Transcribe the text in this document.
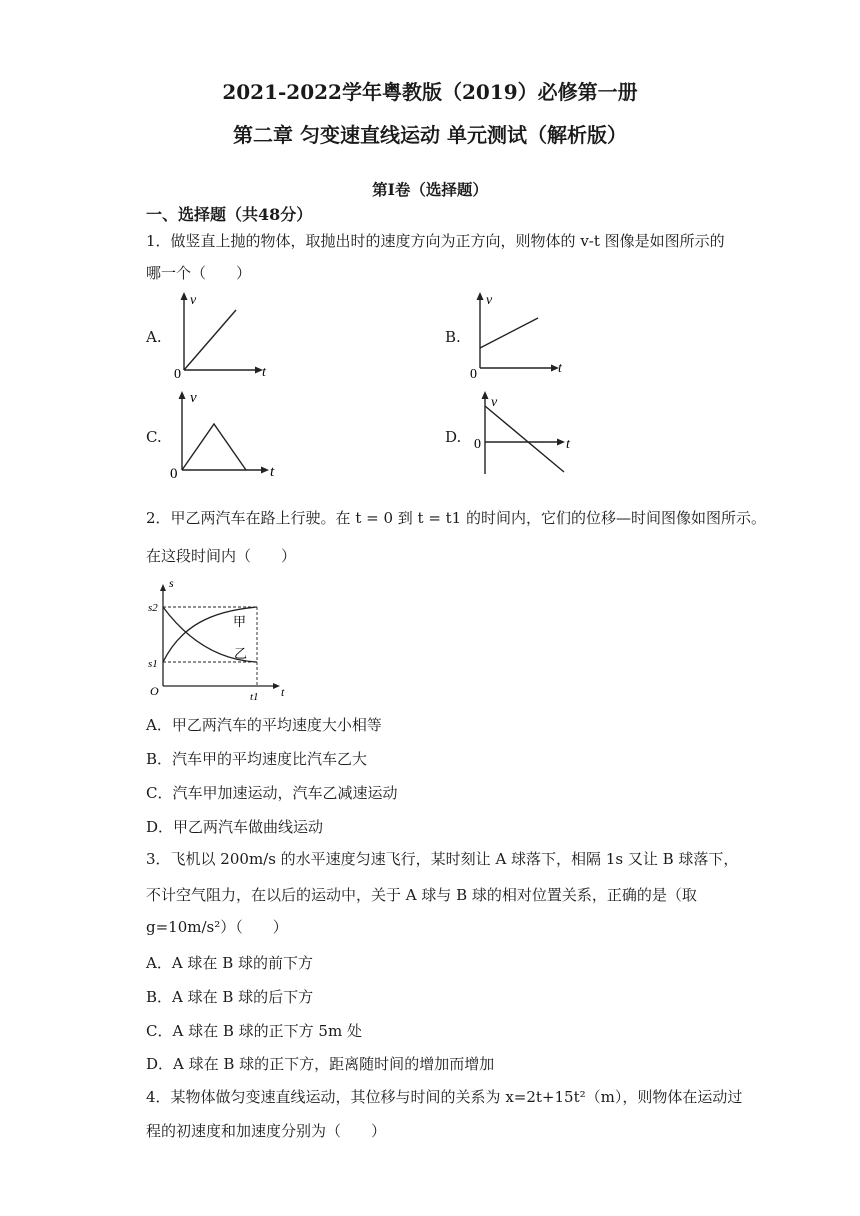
2021-2022学年粤教版（2019）必修第一册
第二章 匀变速直线运动 单元测试（解析版）
第Ⅰ卷（选择题）
一、选择题（共48分）
1．做竖直上抛的物体，取抛出时的速度方向为正方向，则物体的 v-t 图像是如图所示的
哪一个（　　）
A.
v
0	t
B.
v
0	t
C.
v
0	t
D.
v
0	t
2．甲乙两汽车在路上行驶。在 t = 0 到 t = t1 的时间内，它们的位移—时间图像如图所示。
在这段时间内（　　）
s
s2
s1
O	t
t1
甲
乙
A．甲乙两汽车的平均速度大小相等
B．汽车甲的平均速度比汽车乙大
C．汽车甲加速运动，汽车乙减速运动
D．甲乙两汽车做曲线运动
3．飞机以 200m/s 的水平速度匀速飞行，某时刻让 A 球落下，相隔 1s 又让 B 球落下，
不计空气阻力，在以后的运动中，关于 A 球与 B 球的相对位置关系，正确的是（取
g=10m/s²）（　　）
A．A 球在 B 球的前下方
B．A 球在 B 球的后下方
C．A 球在 B 球的正下方 5m 处
D．A 球在 B 球的正下方，距离随时间的增加而增加
4．某物体做匀变速直线运动，其位移与时间的关系为 x=2t+15t²（m），则物体在运动过
程的初速度和加速度分别为（　　）
